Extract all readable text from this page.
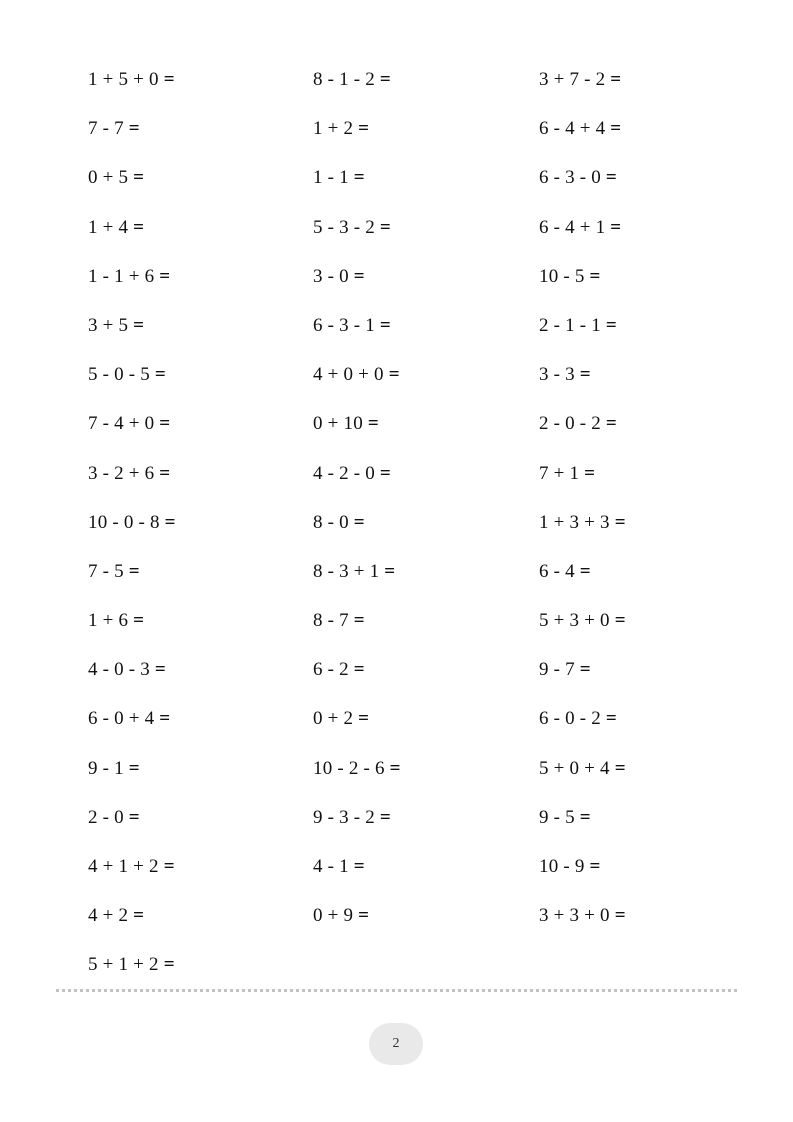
1 + 5 + 0 =	8 - 1 - 2 =	3 + 7 - 2 =
7 - 7 =	1 + 2 =	6 - 4 + 4 =
0 + 5 =	1 - 1 =	6 - 3 - 0 =
1 + 4 =	5 - 3 - 2 =	6 - 4 + 1 =
1 - 1 + 6 =	3 - 0 =	10 - 5 =
3 + 5 =	6 - 3 - 1 =	2 - 1 - 1 =
5 - 0 - 5 =	4 + 0 + 0 =	3 - 3 =
7 - 4 + 0 =	0 + 10 =	2 - 0 - 2 =
3 - 2 + 6 =	4 - 2 - 0 =	7 + 1 =
10 - 0 - 8 =	8 - 0 =	1 + 3 + 3 =
7 - 5 =	8 - 3 + 1 =	6 - 4 =
1 + 6 =	8 - 7 =	5 + 3 + 0 =
4 - 0 - 3 =	6 - 2 =	9 - 7 =
6 - 0 + 4 =	0 + 2 =	6 - 0 - 2 =
9 - 1 =	10 - 2 - 6 =	5 + 0 + 4 =
2 - 0 =	9 - 3 - 2 =	9 - 5 =
4 + 1 + 2 =	4 - 1 =	10 - 9 =
4 + 2 =	0 + 9 =	3 + 3 + 0 =
5 + 1 + 2 =
2
